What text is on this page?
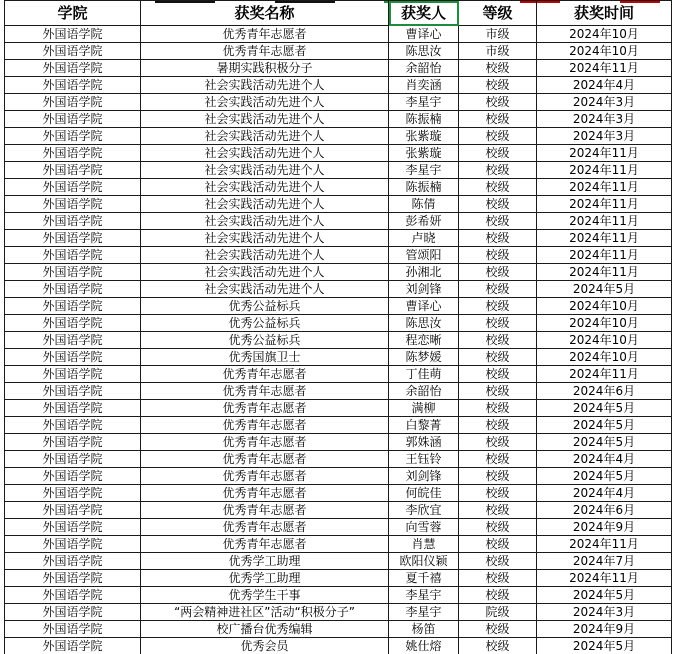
学院	获奖名称	获奖人	等级	获奖时间
外国语学院	优秀青年志愿者	曹译心	市级	2024年10月
外国语学院	优秀青年志愿者	陈思汝	市级	2024年10月
外国语学院	暑期实践积极分子	余韶怡	校级	2024年11月
外国语学院	社会实践活动先进个人	肖奕涵	校级	2024年4月
外国语学院	社会实践活动先进个人	李星宇	校级	2024年3月
外国语学院	社会实践活动先进个人	陈振楠	校级	2024年3月
外国语学院	社会实践活动先进个人	张紫璇	校级	2024年3月
外国语学院	社会实践活动先进个人	张紫璇	校级	2024年11月
外国语学院	社会实践活动先进个人	李星宇	校级	2024年11月
外国语学院	社会实践活动先进个人	陈振楠	校级	2024年11月
外国语学院	社会实践活动先进个人	陈倩	校级	2024年11月
外国语学院	社会实践活动先进个人	彭希妍	校级	2024年11月
外国语学院	社会实践活动先进个人	卢晓	校级	2024年11月
外国语学院	社会实践活动先进个人	管颂阳	校级	2024年11月
外国语学院	社会实践活动先进个人	孙湘北	校级	2024年11月
外国语学院	社会实践活动先进个人	刘剑锋	校级	2024年5月
外国语学院	优秀公益标兵	曹译心	校级	2024年10月
外国语学院	优秀公益标兵	陈思汝	校级	2024年10月
外国语学院	优秀公益标兵	程恋晰	校级	2024年10月
外国语学院	优秀国旗卫士	陈梦媛	校级	2024年10月
外国语学院	优秀青年志愿者	丁佳萌	校级	2024年11月
外国语学院	优秀青年志愿者	余韶怡	校级	2024年6月
外国语学院	优秀青年志愿者	满柳	校级	2024年5月
外国语学院	优秀青年志愿者	白黎菁	校级	2024年5月
外国语学院	优秀青年志愿者	郭姝涵	校级	2024年5月
外国语学院	优秀青年志愿者	王钰铃	校级	2024年4月
外国语学院	优秀青年志愿者	刘剑锋	校级	2024年5月
外国语学院	优秀青年志愿者	何皖佳	校级	2024年4月
外国语学院	优秀青年志愿者	李欣宜	校级	2024年6月
外国语学院	优秀青年志愿者	向雪蓉	校级	2024年9月
外国语学院	优秀青年志愿者	肖慧	校级	2024年11月
外国语学院	优秀学工助理	欧阳仪颖	校级	2024年7月
外国语学院	优秀学工助理	夏千禧	校级	2024年11月
外国语学院	优秀学生干事	李星宇	校级	2024年5月
外国语学院	“两会精神进社区”活动“积极分子”	李星宇	院级	2024年3月
外国语学院	校广播台优秀编辑	杨笛	校级	2024年9月
外国语学院	优秀会员	姚仕熔	校级	2024年5月
